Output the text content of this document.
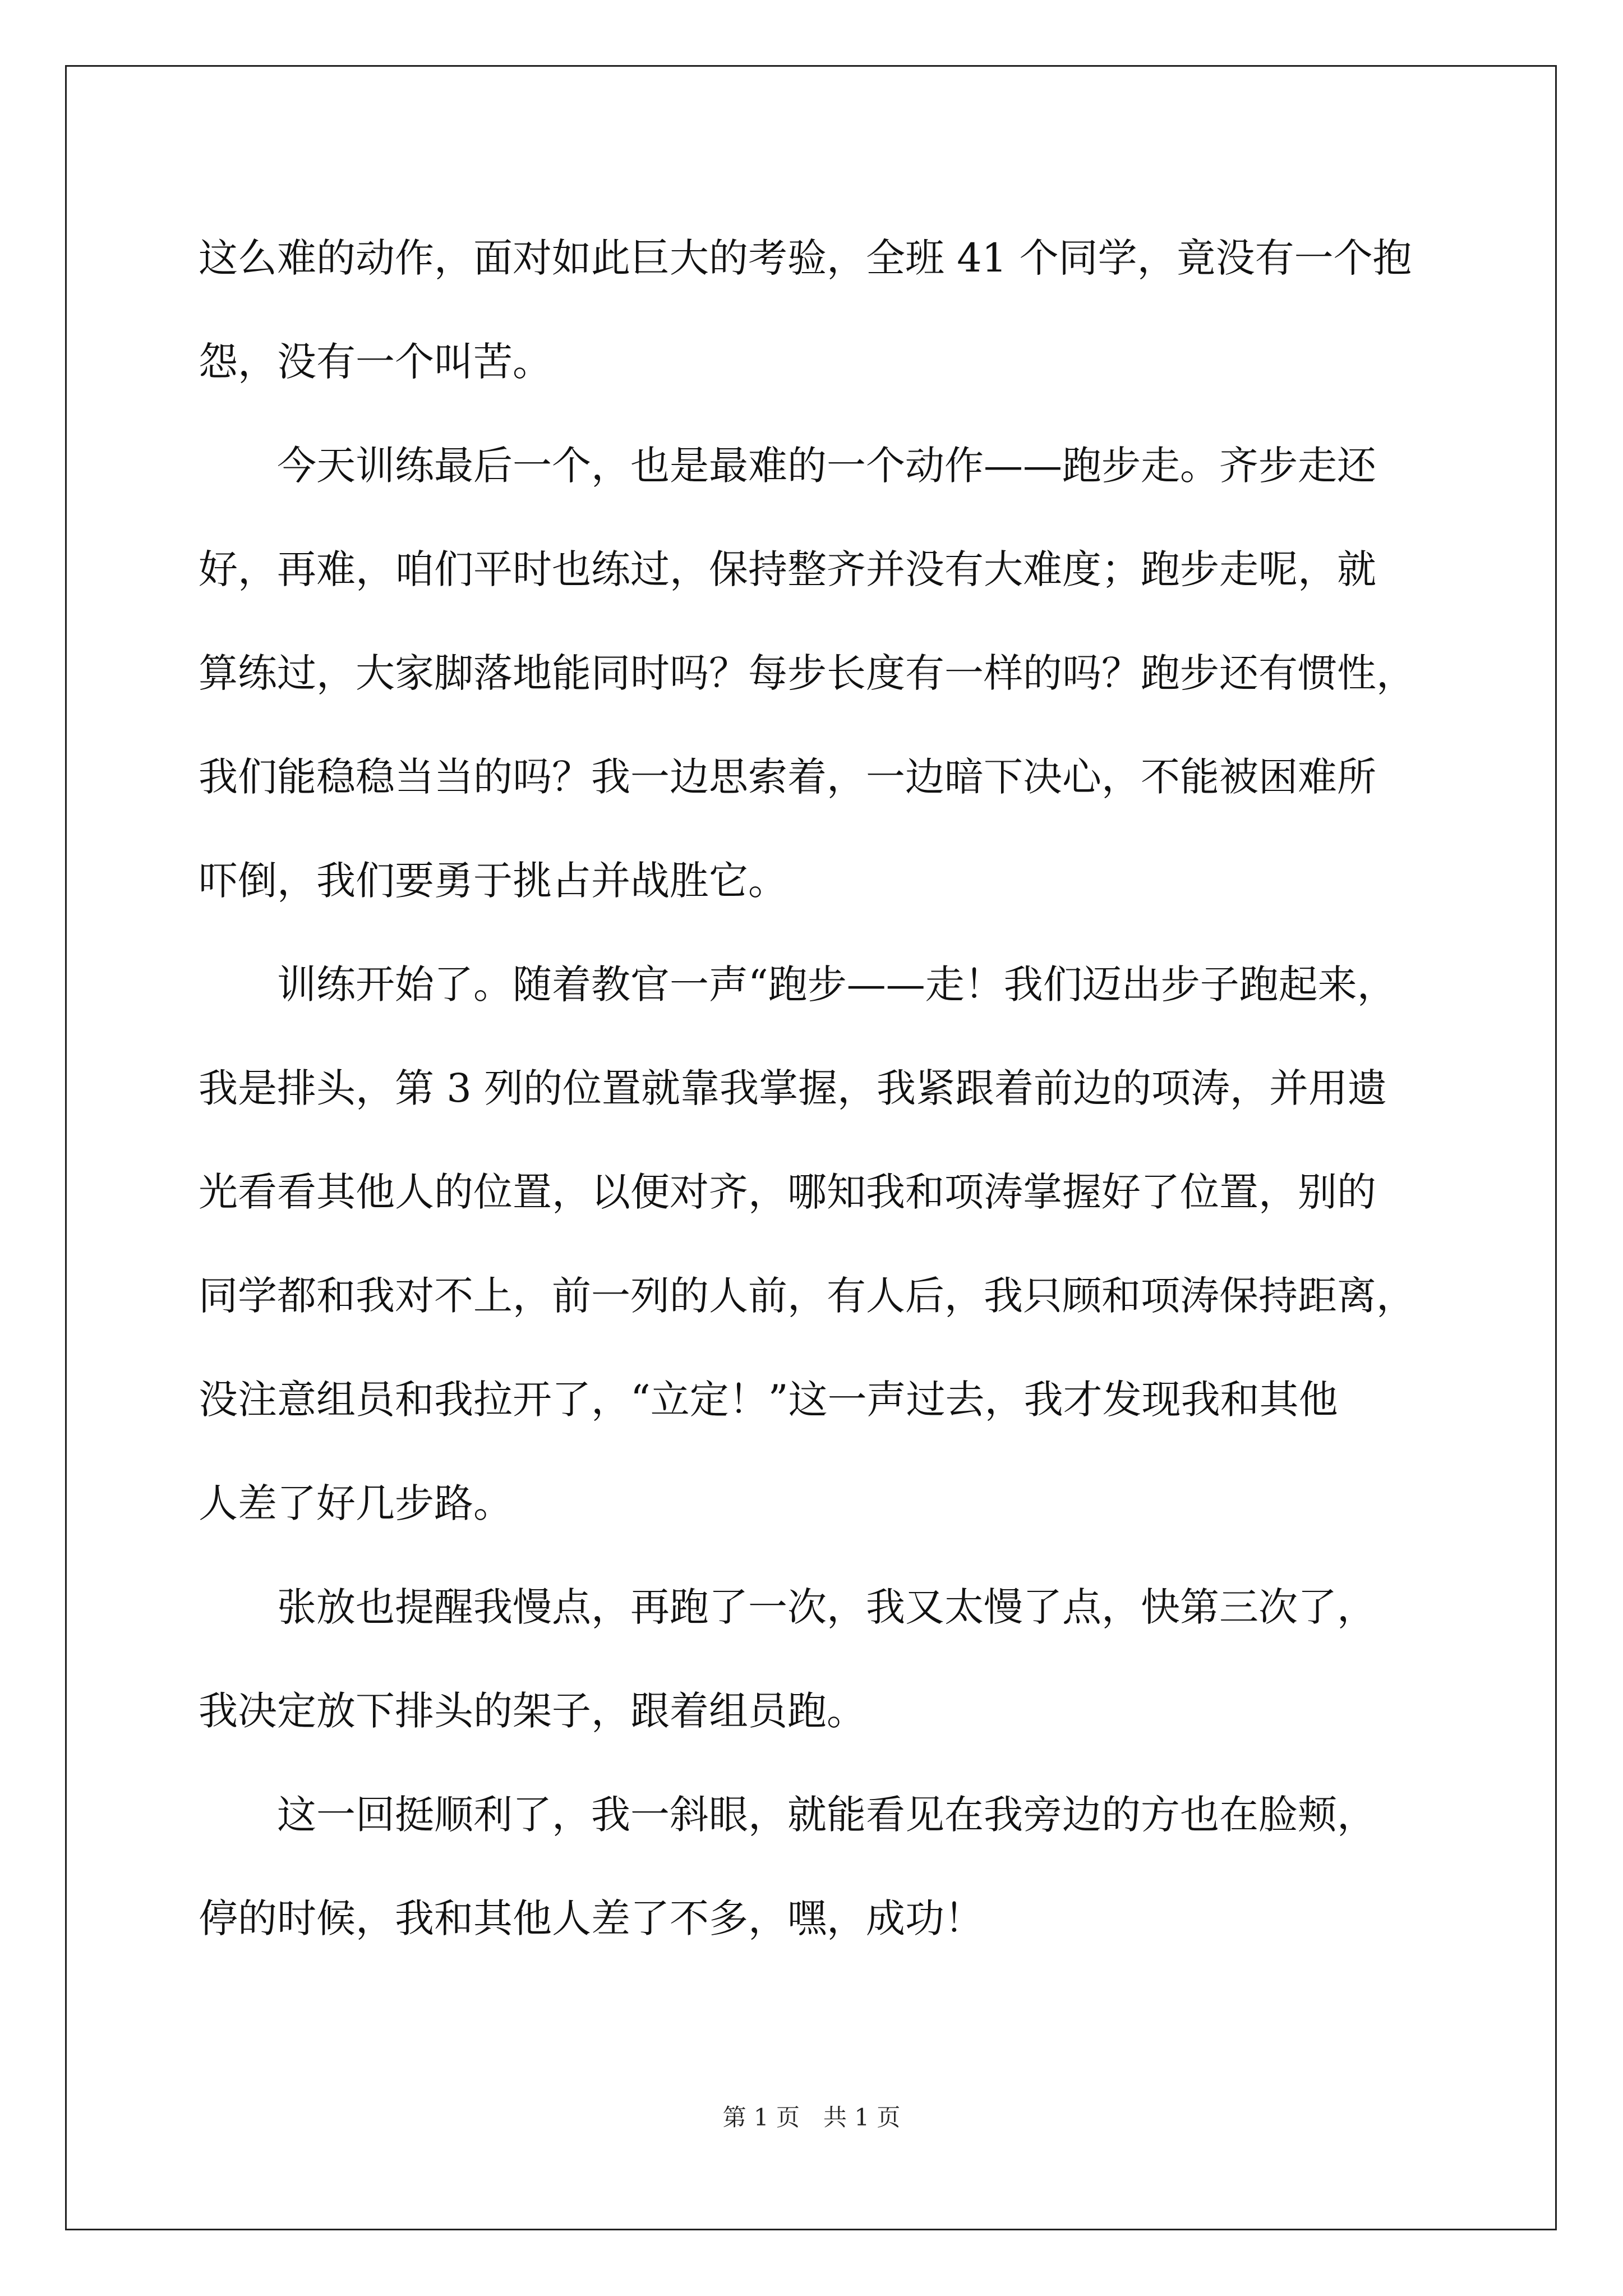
这么难的动作，面对如此巨大的考验，全班 41 个同学，竟没有一个抱
怨，没有一个叫苦。
　　今天训练最后一个，也是最难的一个动作——跑步走。齐步走还
好，再难，咱们平时也练过，保持整齐并没有大难度；跑步走呢，就
算练过，大家脚落地能同时吗？每步长度有一样的吗？跑步还有惯性，
我们能稳稳当当的吗？我一边思索着，一边暗下决心，不能被困难所
吓倒，我们要勇于挑占并战胜它。
　　训练开始了。随着教官一声“跑步——走！我们迈出步子跑起来，
我是排头，第 3 列的位置就靠我掌握，我紧跟着前边的项涛，并用遗
光看看其他人的位置，以便对齐，哪知我和项涛掌握好了位置，别的
同学都和我对不上，前一列的人前，有人后，我只顾和项涛保持距离，
没注意组员和我拉开了，“立定！”这一声过去，我才发现我和其他
人差了好几步路。
　　张放也提醒我慢点，再跑了一次，我又太慢了点，快第三次了，
我决定放下排头的架子，跟着组员跑。
　　这一回挺顺利了，我一斜眼，就能看见在我旁边的方也在脸颊，
停的时候，我和其他人差了不多，嘿，成功！
第 1 页　共 1 页
